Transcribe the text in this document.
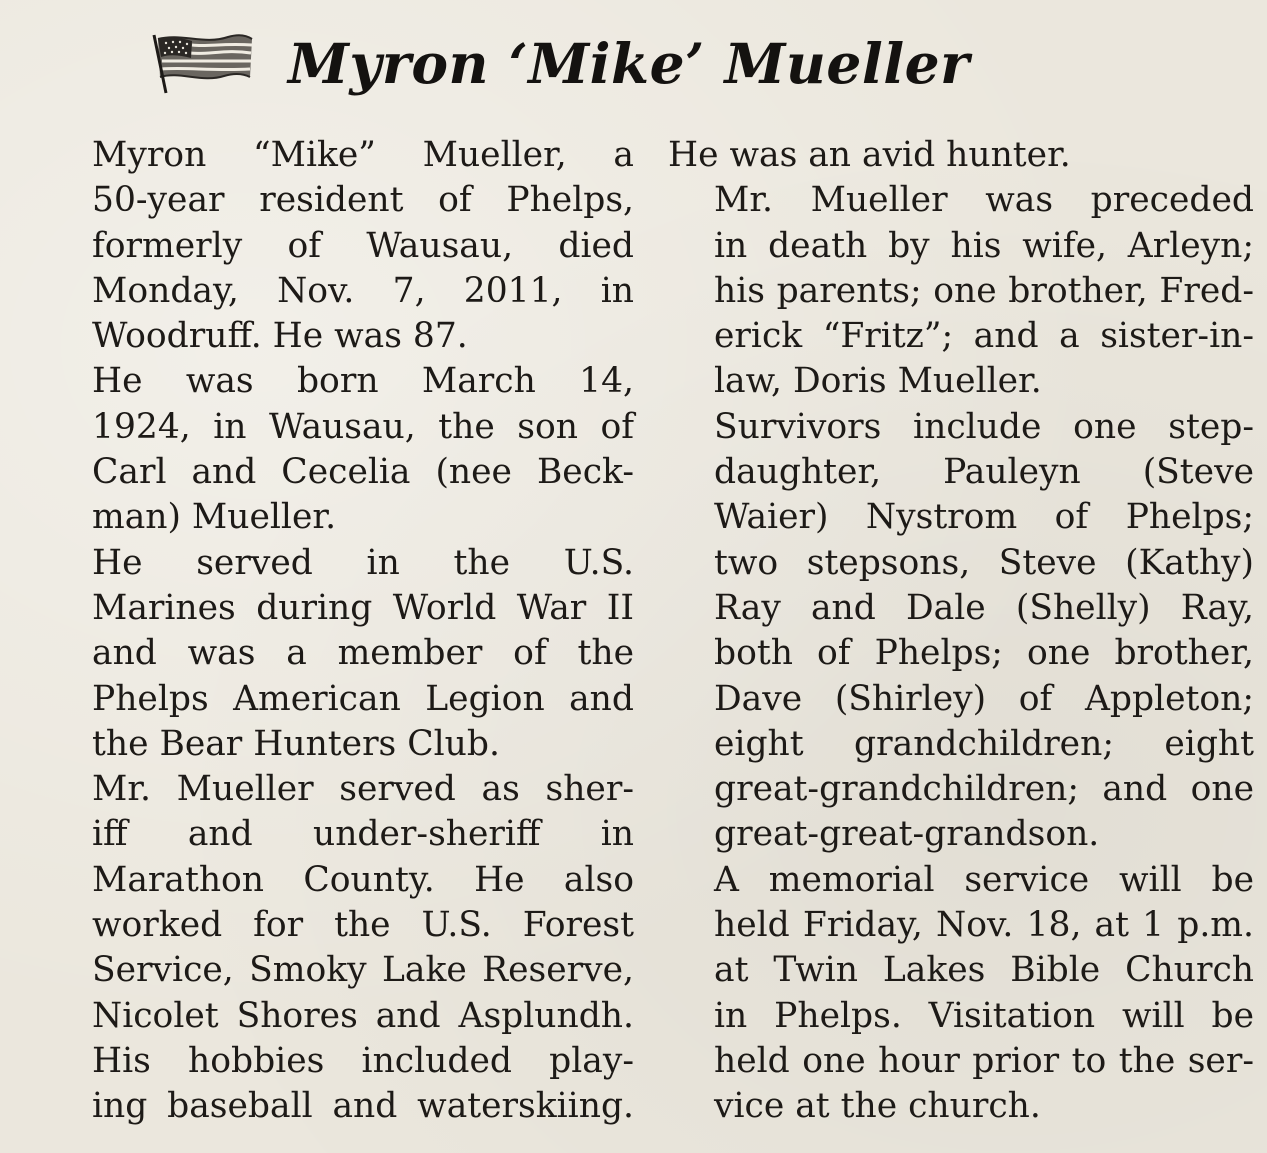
Myron ‘Mike’ Mueller

Myron “Mike” Mueller, a
50-year resident of Phelps,
formerly of Wausau, died
Monday, Nov. 7, 2011, in
Woodruff. He was 87.

He was born March 14,
1924, in Wausau, the son of
Carl and Cecelia (nee Beck-
man) Mueller.

He served in the U.S.
Marines during World War II
and was a member of the
Phelps American Legion and
the Bear Hunters Club.

Mr. Mueller served as sher-
iff and under-sheriff in
Marathon County. He also
worked for the U.S. Forest
Service, Smoky Lake Reserve,
Nicolet Shores and Asplundh.

His hobbies included play-
ing baseball and waterskiing.

He was an avid hunter.

Mr. Mueller was preceded
in death by his wife, Arleyn;
his parents; one brother, Fred-
erick “Fritz”; and a sister-in-
law, Doris Mueller.

Survivors include one step-
daughter, Pauleyn (Steve
Waier) Nystrom of Phelps;
two stepsons, Steve (Kathy)
Ray and Dale (Shelly) Ray,
both of Phelps; one brother,
Dave (Shirley) of Appleton;
eight grandchildren; eight
great-grandchildren; and one
great-great-grandson.

A memorial service will be
held Friday, Nov. 18, at 1 p.m.
at Twin Lakes Bible Church
in Phelps. Visitation will be
held one hour prior to the ser-
vice at the church.
